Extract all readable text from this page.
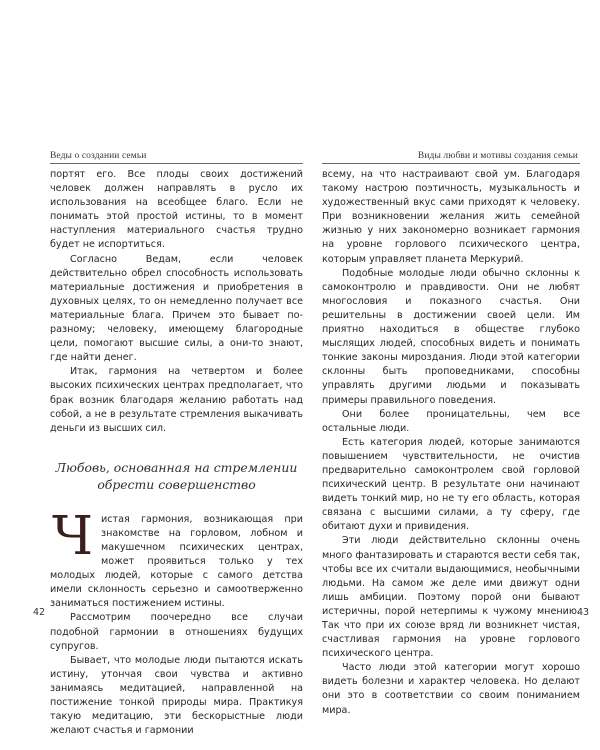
Веды о создании семьи

портят его. Все плоды своих достижений человек должен направлять в русло их использования на всеобщее благо. Если не понимать этой простой истины, то в момент наступления материального счастья трудно будет не испортиться.

Согласно Ведам, если человек действительно обрел способность использовать материальные достижения и приобретения в духовных целях, то он немедленно получает все материальные блага. Причем это бывает по-разному; человеку, имеющему благородные цели, помогают высшие силы, а они-то знают, где найти денег.

Итак, гармония на четвертом и более высоких психических центрах предполагает, что брак возник благодаря желанию работать над собой, а не в результате стремления выкачивать деньги из высших сил.

Любовь, основанная на стремлении обрести совершенство

Чистая гармония, возникающая при знакомстве на горловом, лобном и макушечном психических центрах, может проявиться только у тех молодых людей, которые с самого детства имели склонность серьезно и самоотверженно заниматься постижением истины.

Рассмотрим поочередно все случаи подобной гармонии в отношениях будущих супругов.

Бывает, что молодые люди пытаются искать истину, утончая свои чувства и активно занимаясь медитацией, направленной на постижение тонкой природы мира. Практикуя такую медитацию, эти бескорыстные люди желают счастья и гармонии

42
Виды любви и мотивы создания семьи

всему, на что настраивают свой ум. Благодаря такому настрою поэтичность, музыкальность и художественный вкус сами приходят к человеку. При возникновении желания жить семейной жизнью у них закономерно возникает гармония на уровне горлового психического центра, которым управляет планета Меркурий.

Подобные молодые люди обычно склонны к самоконтролю и правдивости. Они не любят многословия и показного счастья. Они решительны в достижении своей цели. Им приятно находиться в обществе глубоко мыслящих людей, способных видеть и понимать тонкие законы мироздания. Люди этой категории склонны быть проповедниками, способны управлять другими людьми и показывать примеры правильного поведения.

Они более проницательны, чем все остальные люди.

Есть категория людей, которые занимаются повышением чувствительности, не очистив предварительно самоконтролем свой горловой психический центр. В результате они начинают видеть тонкий мир, но не ту его область, которая связана с высшими силами, а ту сферу, где обитают духи и привидения.

Эти люди действительно склонны очень много фантазировать и стараются вести себя так, чтобы все их считали выдающимися, необычными людьми. На самом же деле ими движут одни лишь амбиции. Поэтому порой они бывают истеричны, порой нетерпимы к чужому мнению. Так что при их союзе вряд ли возникнет чистая, счастливая гармония на уровне горлового психического центра.

Часто люди этой категории могут хорошо видеть болезни и характер человека. Но делают они это в соответствии со своим пониманием мира.

43
